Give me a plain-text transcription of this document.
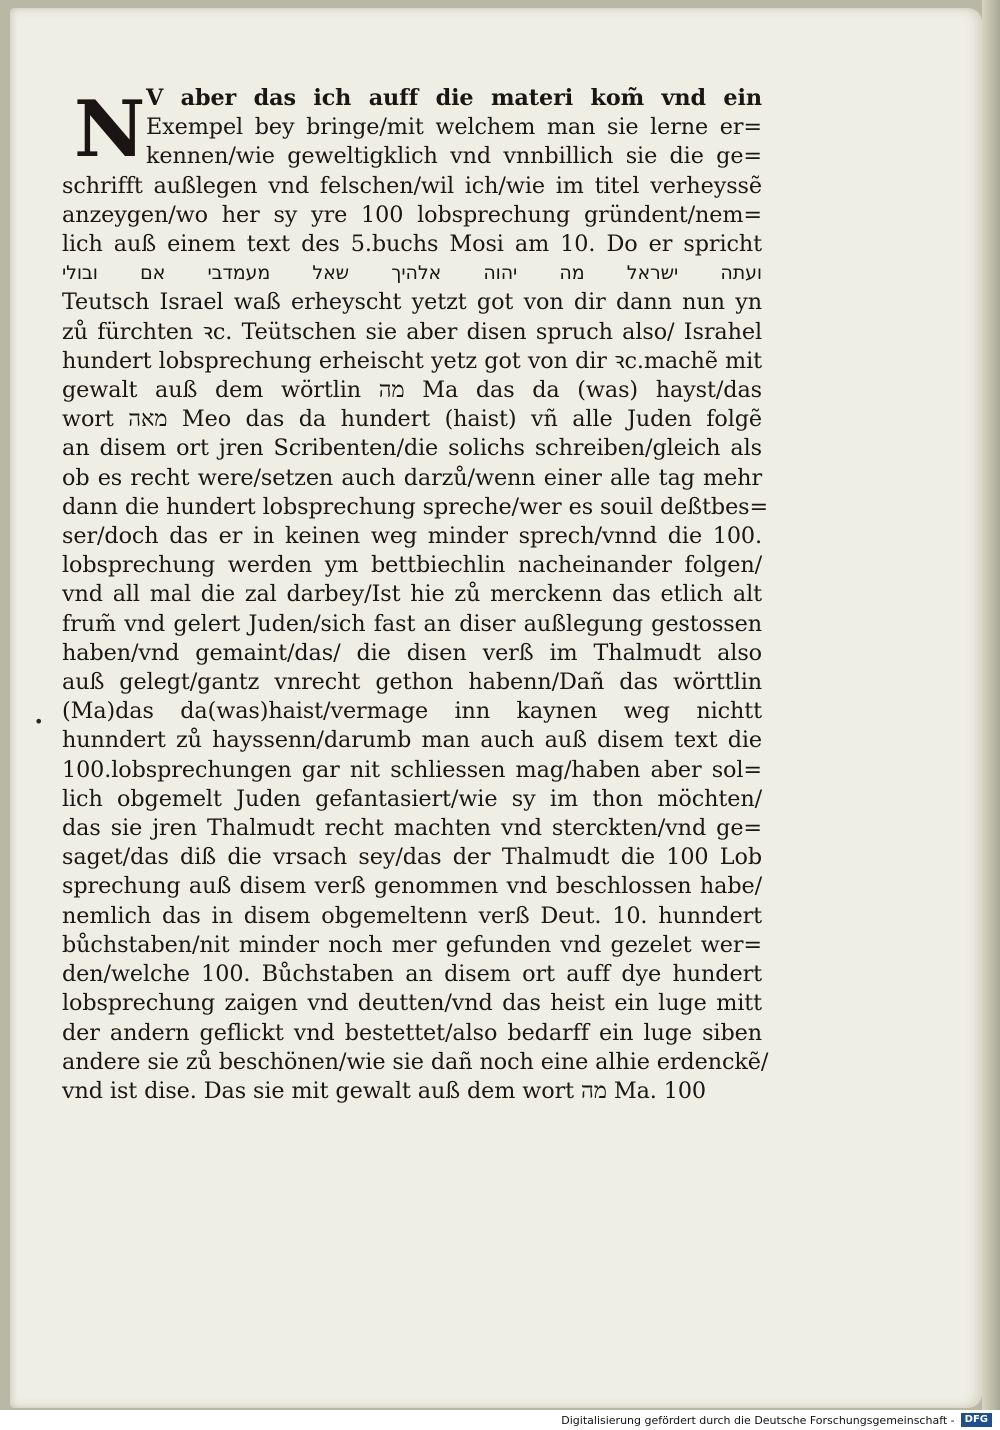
N
•
V aber das ich auff die materi kom̃ vnd ein
Exempel bey bringe/mit welchem man sie lerne er=
kennen/wie geweltigklich vnd vnnbillich sie die ge=
schrifft außlegen vnd felschen/wil ich/wie im titel verheyssẽ
anzeygen/wo her sy yre 100 lobsprechung gründent/nem=
lich auß einem text des 5.buchs Mosi am 10. Do er spricht
ועתה ישראל מה יהוה אלהיך שאל מעמדבי אם ובולי
Teutsch Israel waß erheyscht yetzt got von dir dann nun yn
zů fürchten ꝛc. Teütschen sie aber disen spruch also/ Israhel
hundert lobsprechung erheischt yetz got von dir ꝛc.machẽ mit
gewalt auß dem wörtlin מה Ma das da (was) hayst/das
wort מאה Meo das da hundert (haist) vñ alle Juden folgẽ
an disem ort jren Scribenten/die solichs schreiben/gleich als
ob es recht were/setzen auch darzů/wenn einer alle tag mehr
dann die hundert lobsprechung spreche/wer es souil deßtbes=
ser/doch das er in keinen weg minder sprech/vnnd die 100.
lobsprechung werden ym bettbiechlin nacheinander folgen/
vnd all mal die zal darbey/Ist hie zů merckenn das etlich alt
frum̃ vnd gelert Juden/sich fast an diser außlegung gestossen
haben/vnd gemaint/das/ die disen verß im Thalmudt also
auß gelegt/gantz vnrecht gethon habenn/Dañ das wörttlin
(Ma)das da(was)haist/vermage inn kaynen weg nichtt
hunndert zů hayssenn/darumb man auch auß disem text die
100.lobsprechungen gar nit schliessen mag/haben aber sol=
lich obgemelt Juden gefantasiert/wie sy im thon möchten/
das sie jren Thalmudt recht machten vnd sterckten/vnd ge=
saget/das diß die vrsach sey/das der Thalmudt die 100 Lob
sprechung auß disem verß genommen vnd beschlossen habe/
nemlich das in disem obgemeltenn verß Deut. 10. hunndert
bůchstaben/nit minder noch mer gefunden vnd gezelet wer=
den/welche 100. Bůchstaben an disem ort auff dye hundert
lobsprechung zaigen vnd deutten/vnd das heist ein luge mitt
der andern geflickt vnd bestettet/also bedarff ein luge siben
andere sie zů beschönen/wie sie dañ noch eine alhie erdenckẽ/
vnd ist dise. Das sie mit gewalt auß dem wort מה Ma. 100
Digitalisierung gefördert durch die Deutsche Forschungsgemeinschaft -	DFG
